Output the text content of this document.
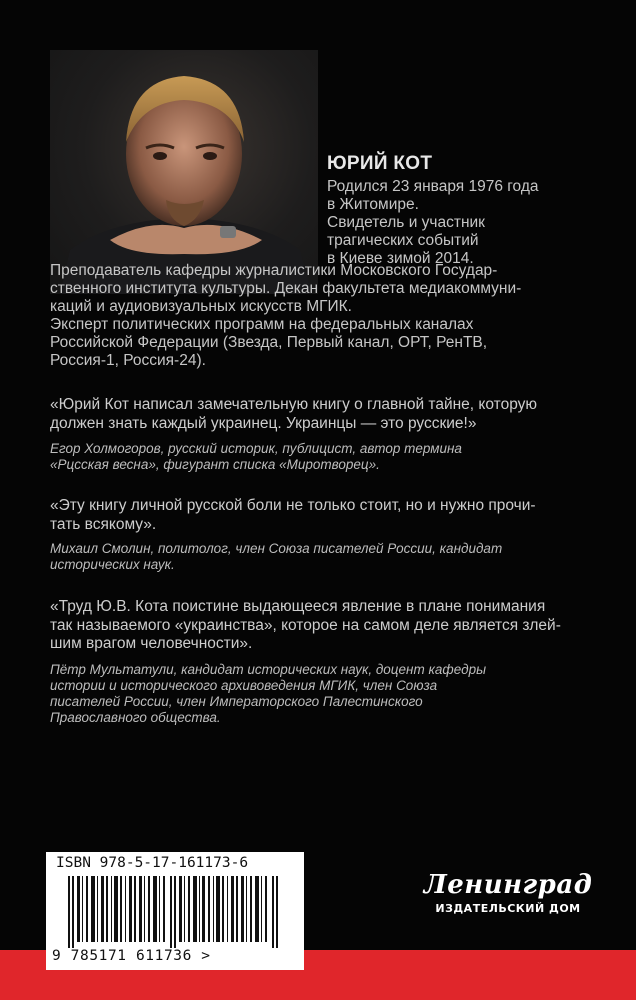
ЮРИЙ КОТ
Родился 23 января 1976 года
в Житомире.
Свидетель и участник
трагических событий
в Киеве зимой 2014.
Преподаватель кафедры журналистики Московского Государ-
ственного института культуры. Декан факультета медиакоммуни-
каций и аудиовизуальных искусств МГИК.
Эксперт политических программ на федеральных каналах
Российской Федерации (Звезда, Первый канал, ОРТ, РенТВ,
Россия-1, Россия-24).
«Юрий Кот написал замечательную книгу о главной тайне, которую
должен знать каждый украинец. Украинцы — это русские!»
Егор Холмогоров, русский историк, публицист, автор термина
«Рцсская весна», фигурант списка «Миротворец».
«Эту книгу личной русской боли не только стоит, но и нужно прочи-
тать всякому».
Михаил Смолин, политолог, член Союза писателей России, кандидат
исторических наук.
«Труд Ю.В. Кота поистине выдающееся явление в плане понимания
так называемого «украинства», которое на самом деле является злей-
шим врагом человечности».
Пётр Мультатули, кандидат исторических наук, доцент кафедры
истории и исторического архивоведения МГИК, член Союза
писателей России, член Императорского Палестинского
Православного общества.
ISBN 978-5-17-161173-6
9 785171 611736 >
Ленинград
ИЗДАТЕЛЬСКИЙ ДОМ
